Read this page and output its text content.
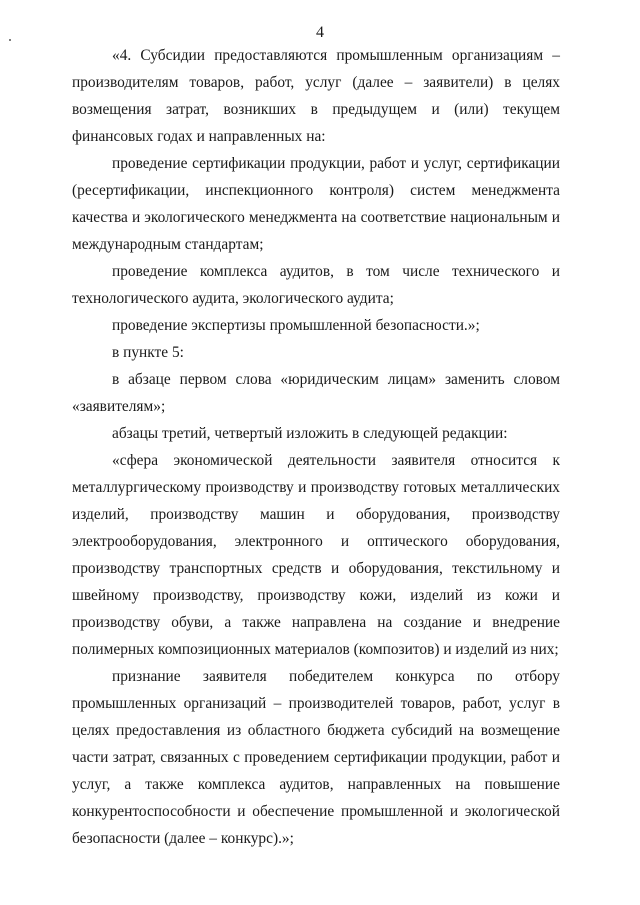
4

«4. Субсидии предоставляются промышленным организациям – производителям товаров, работ, услуг (далее – заявители) в целях возмещения затрат, возникших в предыдущем и (или) текущем финансовых годах и направленных на:

проведение сертификации продукции, работ и услуг, сертификации (ресертификации, инспекционного контроля) систем менеджмента качества и экологического менеджмента на соответствие национальным и международным стандартам;

проведение комплекса аудитов, в том числе технического и технологического аудита, экологического аудита;

проведение экспертизы промышленной безопасности.»;

в пункте 5:

в абзаце первом слова «юридическим лицам» заменить словом «заявителям»;

абзацы третий, четвертый изложить в следующей редакции:

«сфера экономической деятельности заявителя относится к металлургическому производству и производству готовых металлических изделий, производству машин и оборудования, производству электрооборудования, электронного и оптического оборудования, производству транспортных средств и оборудования, текстильному и швейному производству, производству кожи, изделий из кожи и производству обуви, а также направлена на создание и внедрение полимерных композиционных материалов (композитов) и изделий из них;

признание заявителя победителем конкурса по отбору промышленных организаций – производителей товаров, работ, услуг в целях предоставления из областного бюджета субсидий на возмещение части затрат, связанных с проведением сертификации продукции, работ и услуг, а также комплекса аудитов, направленных на повышение конкурентоспособности и обеспечение промышленной и экологической безопасности (далее – конкурс).»;
